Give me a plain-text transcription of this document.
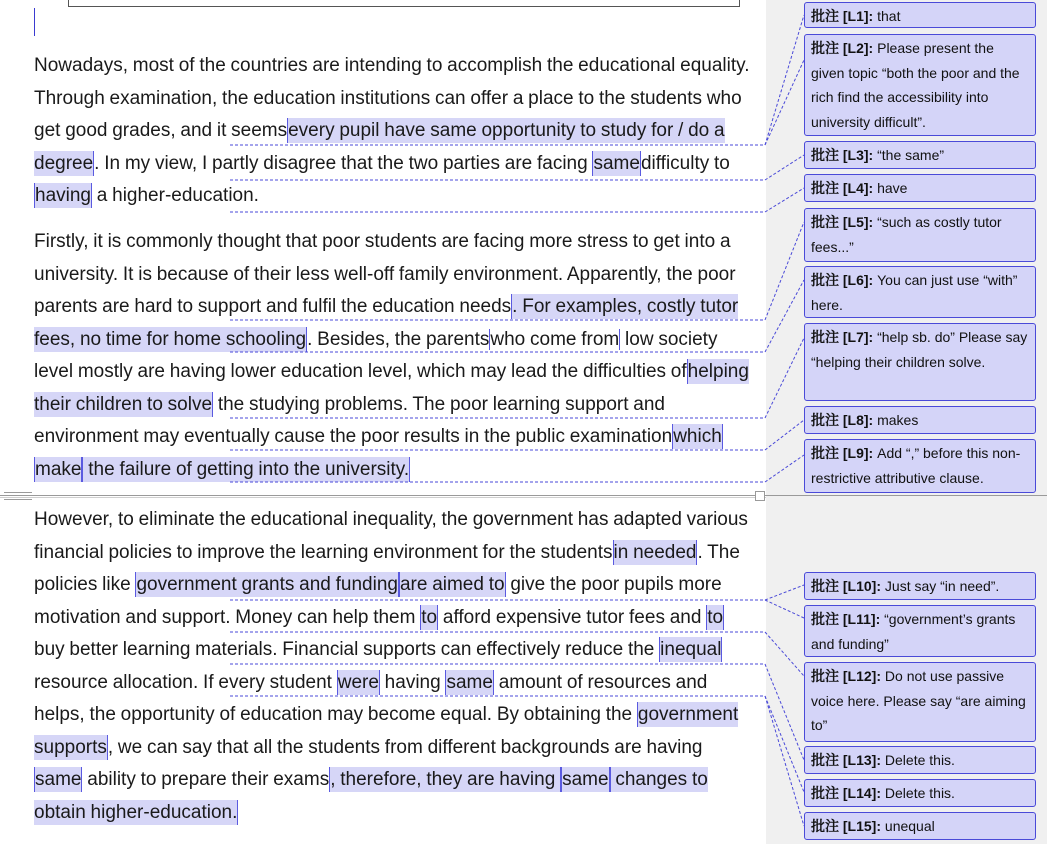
Nowadays, most of the countries are intending to accomplish the educational equality. Through examination, the education institutions can offer a place to the students who get good grades, and it seemsevery pupil have same opportunity to study for / do a degree. In my view, I partly disagree that the two parties are facing samedifficulty to having a higher-education.

Firstly, it is commonly thought that poor students are facing more stress to get into a university. It is because of their less well-off family environment. Apparently, the poor parents are hard to support and fulfil the education needs. For examples, costly tutor fees, no time for home schooling. Besides, the parentswho come from low society level mostly are having lower education level, which may lead the difficulties ofhelping their children to solve the studying problems. The poor learning support and environment may eventually cause the poor results in the public examinationwhich make the failure of getting into the university.

However, to eliminate the educational inequality, the government has adapted various financial policies to improve the learning environment for the studentsin needed. The policies like government grants and funding are aimed to give the poor pupils more motivation and support. Money can help them to afford expensive tutor fees and to buy better learning materials. Financial supports can effectively reduce the inequal resource allocation. If every student were having same amount of resources and helps, the opportunity of education may become equal. By obtaining the government supports, we can say that all the students from different backgrounds are having same ability to prepare their exams, therefore, they are having same changes to obtain higher-education.

批注 [L1]: that
批注 [L2]: Please present the given topic “both the poor and the rich find the accessibility into university difficult”.
批注 [L3]: “the same”
批注 [L4]: have
批注 [L5]: “such as costly tutor fees...”
批注 [L6]: You can just use “with” here.
批注 [L7]: “help sb. do” Please say “helping their children solve.
批注 [L8]: makes
批注 [L9]: Add “,” before this non-restrictive attributive clause.
批注 [L10]: Just say “in need”.
批注 [L11]: “government’s grants and funding”
批注 [L12]: Do not use passive voice here. Please say “are aiming to”
批注 [L13]: Delete this.
批注 [L14]: Delete this.
批注 [L15]: unequal
